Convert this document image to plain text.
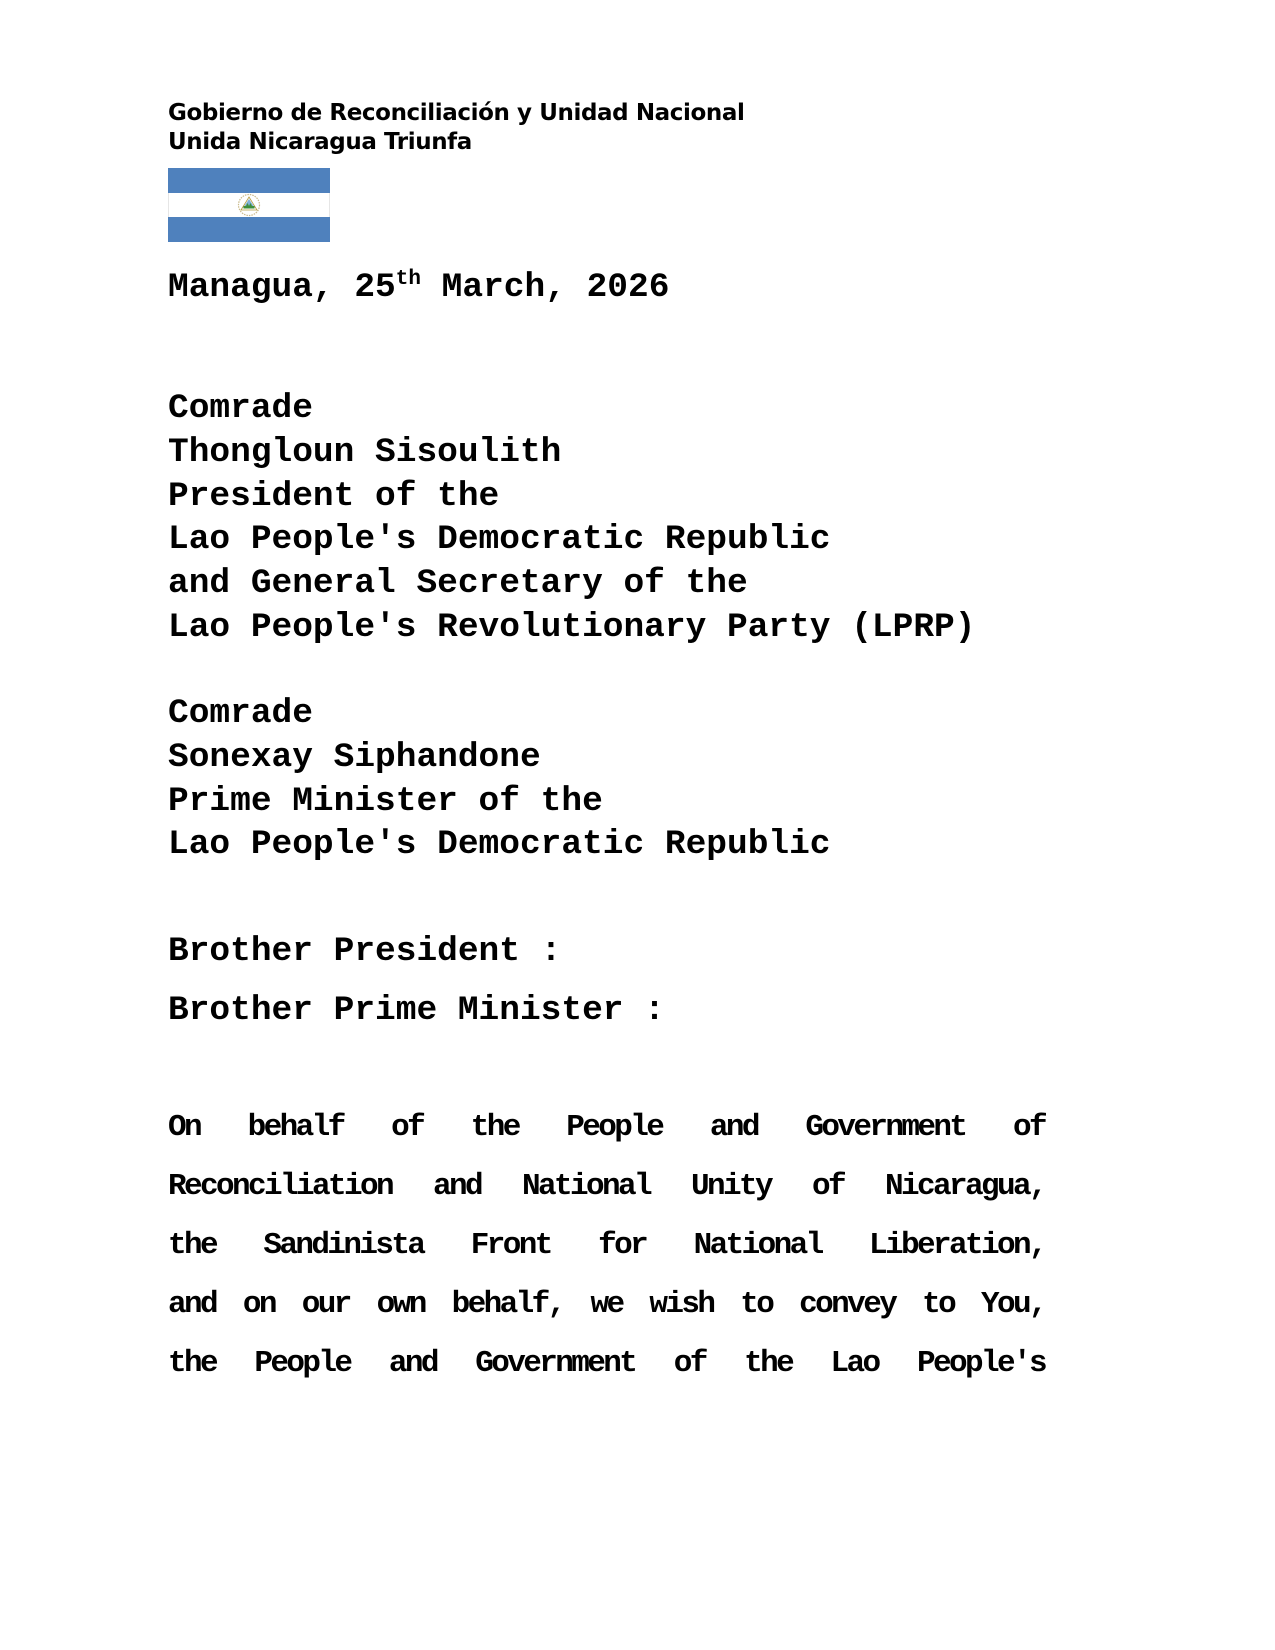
Gobierno de Reconciliación y Unidad Nacional
Unida Nicaragua Triunfa
Managua, 25th March, 2026
Comrade
Thongloun Sisoulith
President of the
Lao People's Democratic Republic
and General Secretary of the
Lao People's Revolutionary Party (LPRP)
Comrade
Sonexay Siphandone
Prime Minister of the
Lao People's Democratic Republic
Brother President :
Brother Prime Minister :
On behalf of the People and Government of
Reconciliation and National Unity of Nicaragua,
the Sandinista Front for National Liberation,
and on our own behalf, we wish to convey to You,
the People and Government of the Lao People's
